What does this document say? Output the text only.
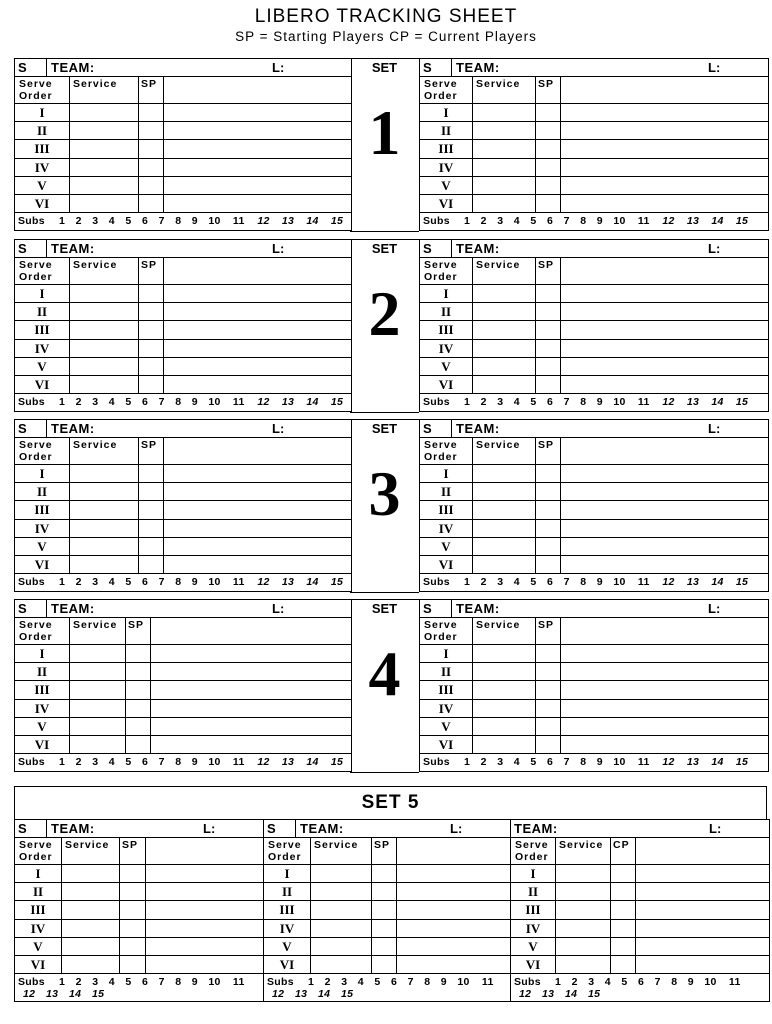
LIBERO TRACKING SHEET
SP = Starting Players CP = Current Players
S	TEAM:	L:
Serve
Order
Service SP
I
II
III
IV
V
VI
Subs 1 2 3 4 5 6 7 8 9 10 11 12 13 14 15
SET
1
S	TEAM:	L:
Serve
Order
Service SP
I
II
III
IV
V
VI
Subs 1 2 3 4 5 6 7 8 9 10 11 12 13 14 15
S	TEAM:	L:
Serve
Order
Service SP
I
II
III
IV
V
VI
Subs 1 2 3 4 5 6 7 8 9 10 11 12 13 14 15
SET
2
S	TEAM:	L:
Serve
Order
Service SP
I
II
III
IV
V
VI
Subs 1 2 3 4 5 6 7 8 9 10 11 12 13 14 15
S	TEAM:	L:
Serve
Order
Service SP
I
II
III
IV
V
VI
Subs 1 2 3 4 5 6 7 8 9 10 11 12 13 14 15
SET
3
S	TEAM:	L:
Serve
Order
Service SP
I
II
III
IV
V
VI
Subs 1 2 3 4 5 6 7 8 9 10 11 12 13 14 15
S	TEAM:	L:
Serve
Order
Service SP
I
II
III
IV
V
VI
Subs 1 2 3 4 5 6 7 8 9 10 11 12 13 14 15
SET
4
S	TEAM:	L:
Serve
Order
Service SP
I
II
III
IV
V
VI
Subs 1 2 3 4 5 6 7 8 9 10 11 12 13 14 15
SET 5
S	TEAM:	L:
Serve
Order
Service SP
I
II
III
IV
V
VI
Subs 1 2 3 4 5 6 7 8 9 10 11
12 13 14 15
S	TEAM:	L:
Serve
Order
Service SP
I
II
III
IV
V
VI
Subs 1 2 3 4 5 6 7 8 9 10 11
12 13 14 15
TEAM:	L:
Serve
Order
Service CP
I
II
III
IV
V
VI
Subs 1 2 3 4 5 6 7 8 9 10 11
12 13 14 15
